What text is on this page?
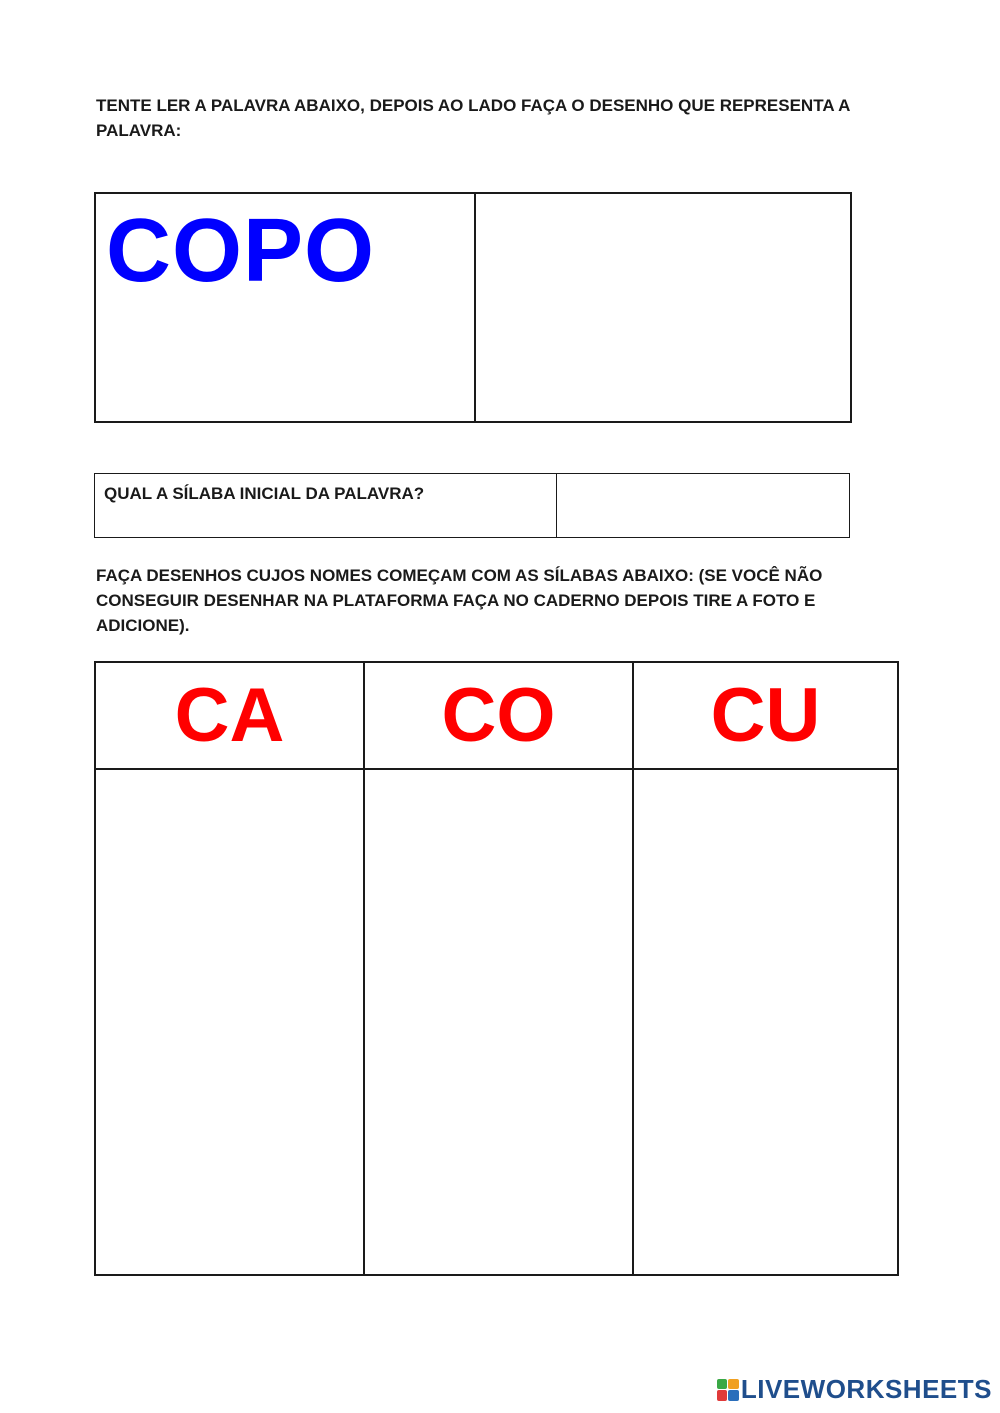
TENTE LER A PALAVRA ABAIXO, DEPOIS AO LADO FAÇA O DESENHO QUE REPRESENTA A PALAVRA:

COPO
QUAL A SÍLABA INICIAL DA PALAVRA?

FAÇA DESENHOS CUJOS NOMES COMEÇAM COM AS SÍLABAS ABAIXO: (SE VOCÊ NÃO CONSEGUIR DESENHAR NA PLATAFORMA FAÇA NO CADERNO DEPOIS TIRE A FOTO E ADICIONE).

CA	CO	CU
LIVEWORKSHEETS
